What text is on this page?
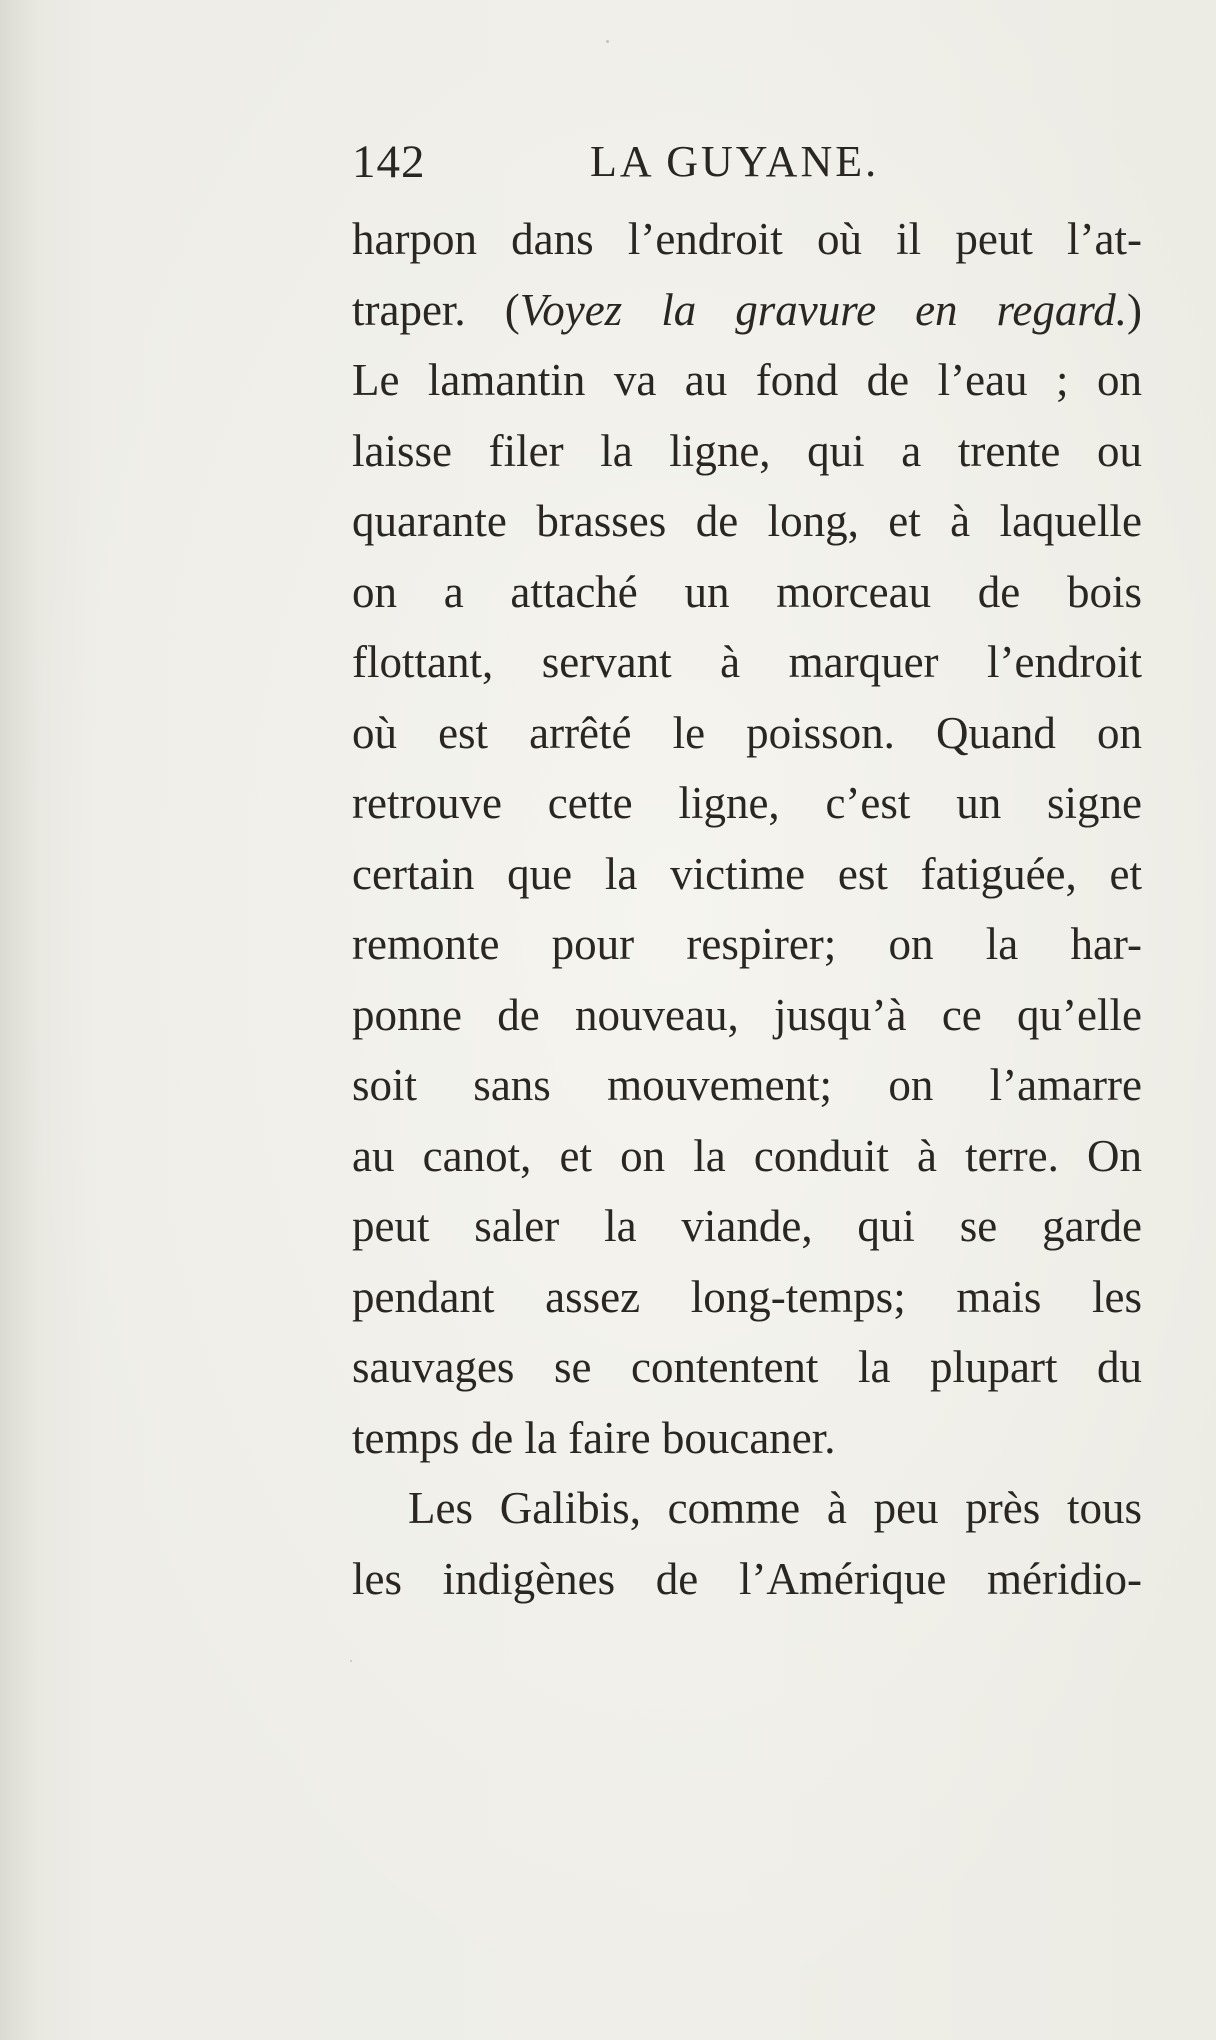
142	LA GUYANE.
harpon dans l’endroit où il peut l’at-
traper. (Voyez la gravure en regard.)
Le lamantin va au fond de l’eau ; on
laisse filer la ligne, qui a trente ou
quarante brasses de long, et à laquelle
on a attaché un morceau de bois
flottant, servant à marquer l’endroit
où est arrêté le poisson. Quand on
retrouve cette ligne, c’est un signe
certain que la victime est fatiguée, et
remonte pour respirer; on la har-
ponne de nouveau, jusqu’à ce qu’elle
soit sans mouvement; on l’amarre
au canot, et on la conduit à terre. On
peut saler la viande, qui se garde
pendant assez long-temps; mais les
sauvages se contentent la plupart du
temps de la faire boucaner.
Les Galibis, comme à peu près tous
les indigènes de l’Amérique méridio-
